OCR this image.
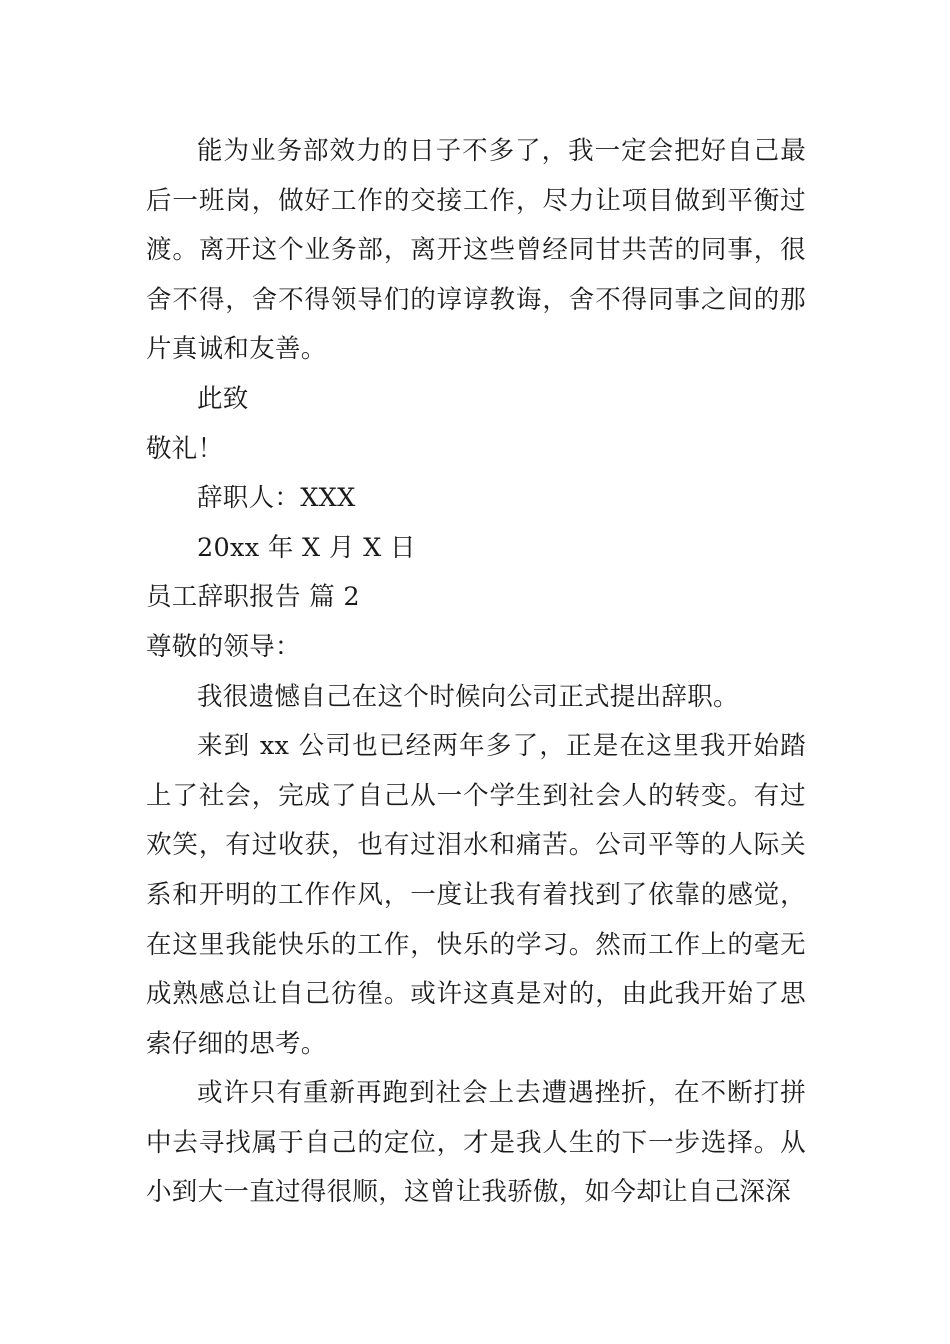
能为业务部效力的日子不多了，我一定会把好自己最后一班岗，做好工作的交接工作，尽力让项目做到平衡过渡。离开这个业务部，离开这些曾经同甘共苦的同事，很舍不得，舍不得领导们的谆谆教诲，舍不得同事之间的那片真诚和友善。

此致

敬礼！

辞职人：XXX

20xx 年 X 月 X 日

员工辞职报告 篇 2

尊敬的领导：

我很遗憾自己在这个时候向公司正式提出辞职。

来到 xx 公司也已经两年多了，正是在这里我开始踏上了社会，完成了自己从一个学生到社会人的转变。有过欢笑，有过收获，也有过泪水和痛苦。公司平等的人际关系和开明的工作作风，一度让我有着找到了依靠的感觉，在这里我能快乐的工作，快乐的学习。然而工作上的毫无成熟感总让自己彷徨。或许这真是对的，由此我开始了思索仔细的思考。

或许只有重新再跑到社会上去遭遇挫折，在不断打拼中去寻找属于自己的定位，才是我人生的下一步选择。从小到大一直过得很顺，这曾让我骄傲，如今却让自己深深
